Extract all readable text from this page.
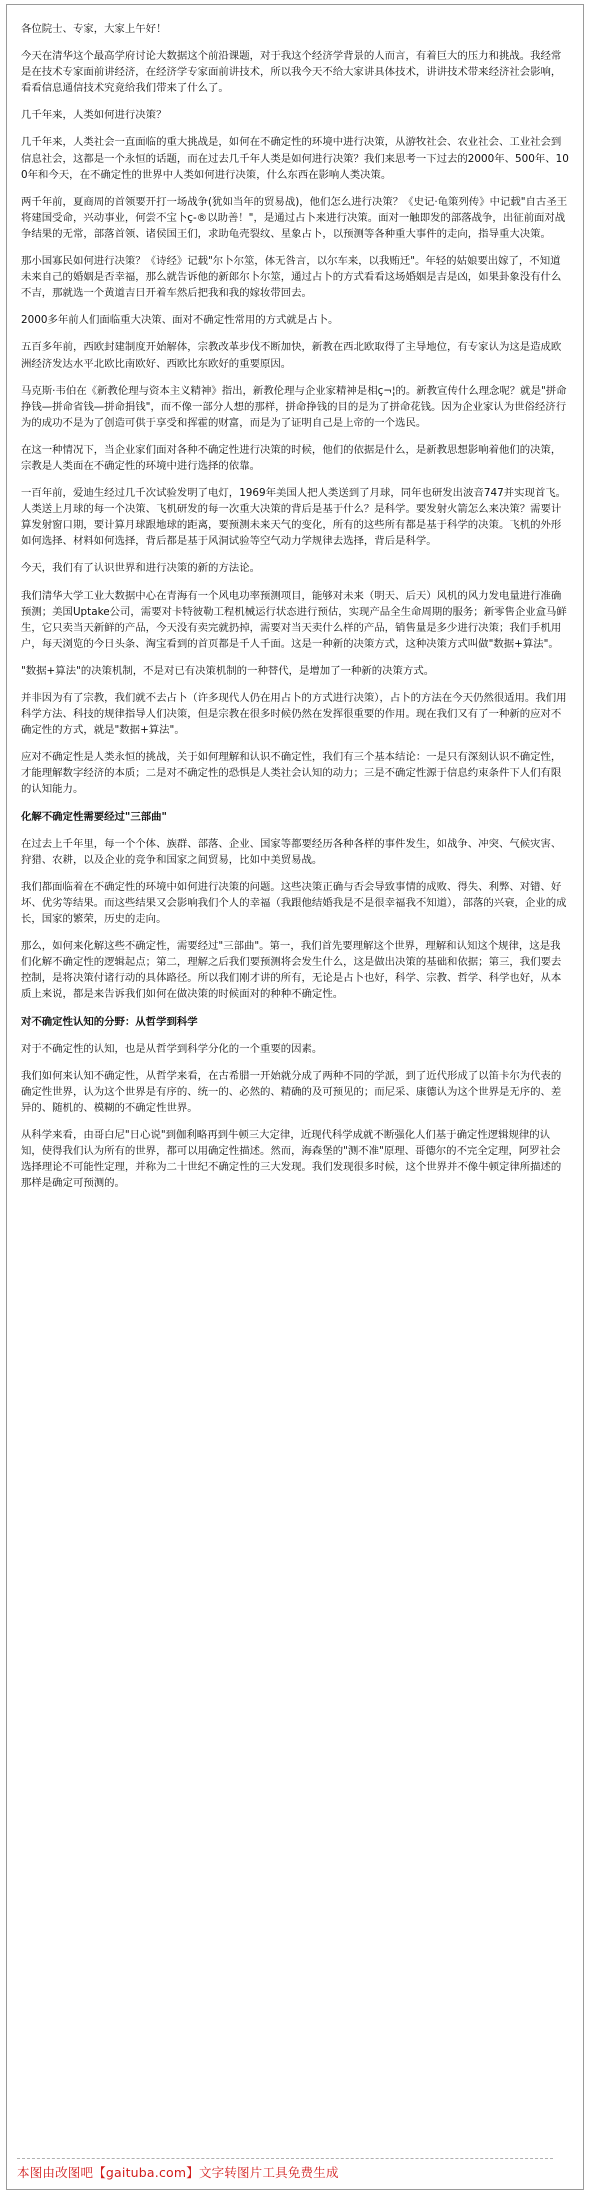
各位院士、专家，大家上午好！

今天在清华这个最高学府讨论大数据这个前沿课题，对于我这个经济学背景的人而言，有着巨大的压力和挑战。我经常是在技术专家面前讲经济，在经济学专家面前讲技术，所以我今天不给大家讲具体技术，讲讲技术带来经济社会影响，看看信息通信技术究竟给我们带来了什么了。

几千年来，人类如何进行决策？

几千年来，人类社会一直面临的重大挑战是，如何在不确定性的环境中进行决策，从游牧社会、农业社会、工业社会到信息社会，这都是一个永恒的话题，而在过去几千年人类是如何进行决策？我们来思考一下过去的2000年、500年、100年和今天，在不确定性的世界中人类如何进行决策，什么东西在影响人类决策。

两千年前，夏商周的首领要开打一场战争(犹如当年的贸易战)，他们怎么进行决策？《史记·龟策列传》中记载"自古圣王将建国受命，兴动事业，何尝不宝卜ç-®以助善！"，是通过占卜来进行决策。面对一触即发的部落战争，出征前面对战争结果的无常，部落首领、诸侯国王们，求助龟壳裂纹、星象占卜，以预测等各种重大事件的走向，指导重大决策。

那小国寡民如何进行决策？《诗经》记载"尔卜尔筮，体无咎言，以尔车来，以我贿迁"。年轻的姑娘要出嫁了，不知道未来自己的婚姻是否幸福，那么就告诉他的新郎尔卜尔筮，通过占卜的方式看看这场婚姻是吉是凶，如果卦象没有什么不吉，那就选一个黄道吉日开着车然后把我和我的嫁妆带回去。

2000多年前人们面临重大决策、面对不确定性常用的方式就是占卜。

五百多年前，西欧封建制度开始解体，宗教改革步伐不断加快，新教在西北欧取得了主导地位，有专家认为这是造成欧洲经济发达水平北欧比南欧好、西欧比东欧好的重要原因。

马克斯·韦伯在《新教伦理与资本主义精神》指出，新教伦理与企业家精神是相ç¬¦的。新教宣传什么理念呢？就是"拼命挣钱—拼命省钱—拼命捐钱"，而不像一部分人想的那样，拼命挣钱的目的是为了拼命花钱。因为企业家认为世俗经济行为的成功不是为了创造可供于享受和挥霍的财富，而是为了证明自己是上帝的一个选民。

在这一种情况下，当企业家们面对各种不确定性进行决策的时候，他们的依据是什么，是新教思想影响着他们的决策，宗教是人类面在不确定性的环境中进行选择的依靠。

一百年前，爱迪生经过几千次试验发明了电灯，1969年美国人把人类送到了月球，同年也研发出波音747并实现首飞。人类送上月球的每一个决策、飞机研发的每一次重大决策的背后是基于什么？是科学。要发射火箭怎么来决策？需要计算发射窗口期，要计算月球跟地球的距离，要预测未来天气的变化，所有的这些所有都是基于科学的决策。飞机的外形如何选择、材料如何选择，背后都是基于风洞试验等空气动力学规律去选择，背后是科学。

今天，我们有了认识世界和进行决策的新的方法论。

我们清华大学工业大数据中心在青海有一个风电功率预测项目，能够对未来（明天、后天）风机的风力发电量进行准确预测；美国Uptake公司，需要对卡特彼勒工程机械运行状态进行预估，实现产品全生命周期的服务；新零售企业盒马鲜生，它只卖当天新鲜的产品，今天没有卖完就扔掉，需要对当天卖什么样的产品，销售量是多少进行决策；我们手机用户，每天浏览的今日头条、淘宝看到的首页都是千人千面。这是一种新的决策方式，这种决策方式叫做"数据+算法"。

"数据+算法"的决策机制，不是对已有决策机制的一种替代，是增加了一种新的决策方式。

并非因为有了宗教，我们就不去占卜（许多现代人仍在用占卜的方式进行决策），占卜的方法在今天仍然很适用。我们用科学方法、科技的规律指导人们决策，但是宗教在很多时候仍然在发挥很重要的作用。现在我们又有了一种新的应对不确定性的方式，就是"数据+算法"。

应对不确定性是人类永恒的挑战，关于如何理解和认识不确定性，我们有三个基本结论：一是只有深刻认识不确定性，才能理解数字经济的本质；二是对不确定性的恐惧是人类社会认知的动力；三是不确定性源于信息约束条件下人们有限的认知能力。

化解不确定性需要经过"三部曲"

在过去上千年里，每一个个体、族群、部落、企业、国家等都要经历各种各样的事件发生，如战争、冲突、气候灾害、狩猎、农耕，以及企业的竞争和国家之间贸易，比如中美贸易战。

我们都面临着在不确定性的环境中如何进行决策的问题。这些决策正确与否会导致事情的成败、得失、利弊、对错、好坏、优劣等结果。而这些结果又会影响我们个人的幸福（我跟他结婚我是不是很幸福我不知道），部落的兴衰，企业的成长，国家的繁荣，历史的走向。

那么，如何来化解这些不确定性，需要经过"三部曲"。第一，我们首先要理解这个世界，理解和认知这个规律，这是我们化解不确定性的逻辑起点；第二，理解之后我们要预测将会发生什么，这是做出决策的基础和依据；第三，我们要去控制，是将决策付诸行动的具体路径。所以我们刚才讲的所有，无论是占卜也好，科学、宗教、哲学、科学也好，从本质上来说，都是来告诉我们如何在做决策的时候面对的种种不确定性。

对不确定性认知的分野：从哲学到科学

对于不确定性的认知，也是从哲学到科学分化的一个重要的因素。

我们如何来认知不确定性，从哲学来看，在古希腊一开始就分成了两种不同的学派，到了近代形成了以笛卡尔为代表的确定性世界，认为这个世界是有序的、统一的、必然的、精确的及可预见的；而尼采、康德认为这个世界是无序的、差异的、随机的、模糊的不确定性世界。

从科学来看，由哥白尼"日心说"到伽利略再到牛顿三大定律，近现代科学成就不断强化人们基于确定性逻辑规律的认知，使得我们认为所有的世界，都可以用确定性描述。然而，海森堡的"测不准"原理、哥德尔的不完全定理，阿罗社会选择理论不可能性定理，并称为二十世纪不确定性的三大发现。我们发现很多时候，这个世界并不像牛顿定律所描述的那样是确定可预测的。

本图由改图吧【gaituba.com】文字转图片工具免费生成
